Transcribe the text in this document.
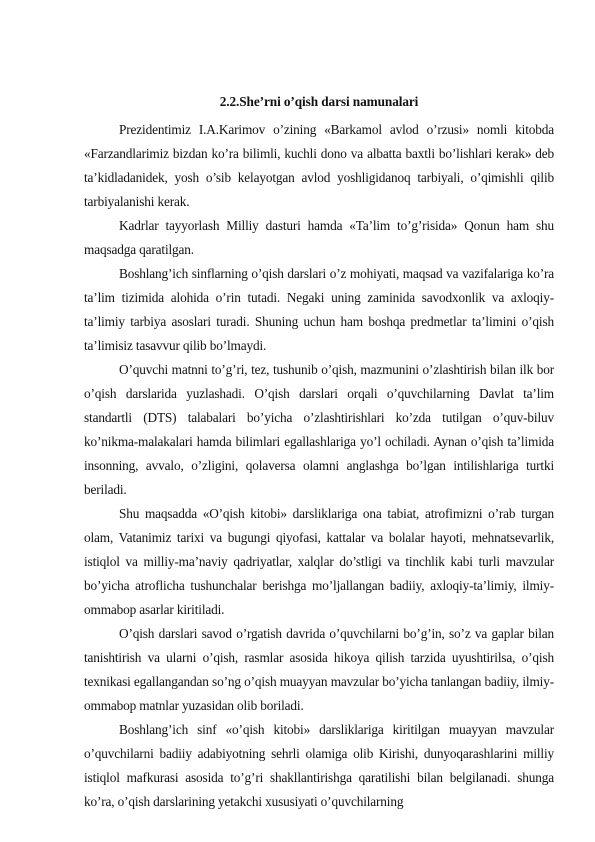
2.2.She’rni o’qish darsi namunalari

Prezidentimiz I.A.Karimov o’zining «Barkamol avlod o’rzusi» nomli kitobda «Farzandlarimiz bizdan ko’ra bilimli, kuchli dono va albatta baxtli bo’lishlari kerak» deb ta’kidladanidek, yosh o’sib kelayotgan avlod yoshligidanoq tarbiyali, o’qimishli qilib tarbiyalanishi kerak.

Kadrlar tayyorlash Milliy dasturi hamda «Ta’lim to’g’risida» Qonun ham shu maqsadga qaratilgan.

Boshlang’ich sinflarning o’qish darslari o’z mohiyati, maqsad va vazifalariga ko’ra ta’lim tizimida alohida o’rin tutadi. Negaki uning zaminida savodxonlik va axloqiy-ta’limiy tarbiya asoslari turadi. Shuning uchun ham boshqa predmetlar ta’limini o’qish ta’limisiz tasavvur qilib bo’lmaydi.

O’quvchi matnni to’g’ri, tez, tushunib o’qish, mazmunini o’zlashtirish bilan ilk bor o’qish darslarida yuzlashadi. O’qish darslari orqali o’quvchilarning Davlat ta’lim standartli (DTS) talabalari bo’yicha o’zlashtirishlari ko’zda tutilgan o’quv-biluv ko’nikma-malakalari hamda bilimlari egallashlariga yo’l ochiladi. Aynan o’qish ta’limida insonning, avvalo, o’zligini, qolaversa olamni anglashga bo’lgan intilishlariga turtki beriladi.

Shu maqsadda «O’qish kitobi» darsliklariga ona tabiat, atrofimizni o’rab turgan olam, Vatanimiz tarixi va bugungi qiyofasi, kattalar va bolalar hayoti, mehnatsevarlik, istiqlol va milliy-ma’naviy qadriyatlar, xalqlar do’stligi va tinchlik kabi turli mavzular bo’yicha atroflicha tushunchalar berishga mo’ljallangan badiiy, axloqiy-ta’limiy, ilmiy-ommabop asarlar kiritiladi.

O’qish darslari savod o’rgatish davrida o’quvchilarni bo’g’in, so’z va gaplar bilan tanishtirish va ularni o’qish, rasmlar asosida hikoya qilish tarzida uyushtirilsa, o’qish texnikasi egallangandan so’ng o’qish muayyan mavzular bo’yicha tanlangan badiiy, ilmiy-ommabop matnlar yuzasidan olib boriladi.

Boshlang’ich sinf «o’qish kitobi» darsliklariga kiritilgan muayyan mavzular o’quvchilarni badiiy adabiyotning sehrli olamiga olib Kirishi, dunyoqarashlarini milliy istiqlol mafkurasi asosida to’g’ri shakllantirishga qaratilishi bilan belgilanadi. shunga ko’ra, o’qish darslarining yetakchi xususiyati o’quvchilarning
